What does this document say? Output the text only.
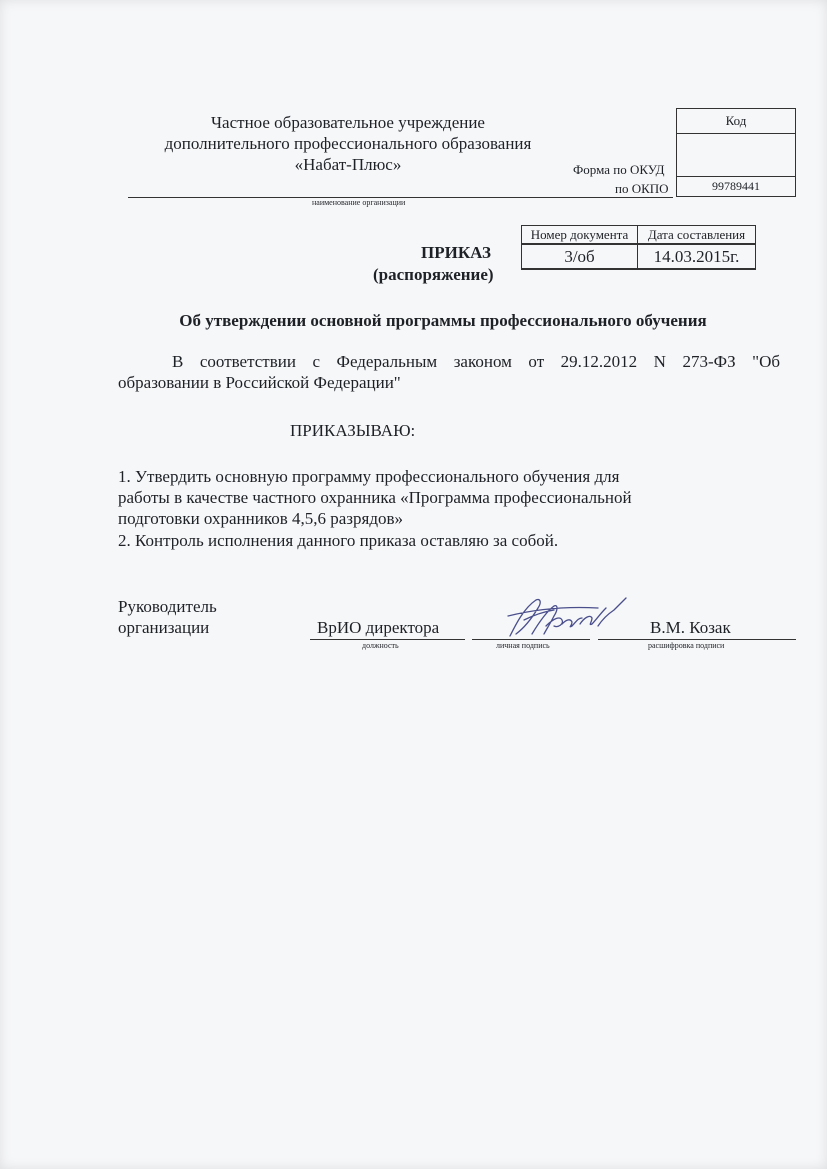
Частное образовательное учреждение
дополнительного профессионального образования
«Набат-Плюс»
наименование организации
Форма по ОКУД
по ОКПО
Код

99789441
Номер документа	Дата составления
3/об	14.03.2015г.
ПРИКАЗ
(распоряжение)
Об утверждении основной программы профессионального обучения
В соответствии с Федеральным законом от 29.12.2012 N 273-ФЗ "Об
образовании в Российской Федерации"
ПРИКАЗЫВАЮ:
1. Утвердить основную программу профессионального обучения для
работы в качестве частного охранника «Программа профессиональной
подготовки охранников 4,5,6 разрядов»
2. Контроль исполнения данного приказа оставляю за собой.
Руководитель
организации	ВрИО директора	В.М. Козак
должность	личная подпись	расшифровка подписи
